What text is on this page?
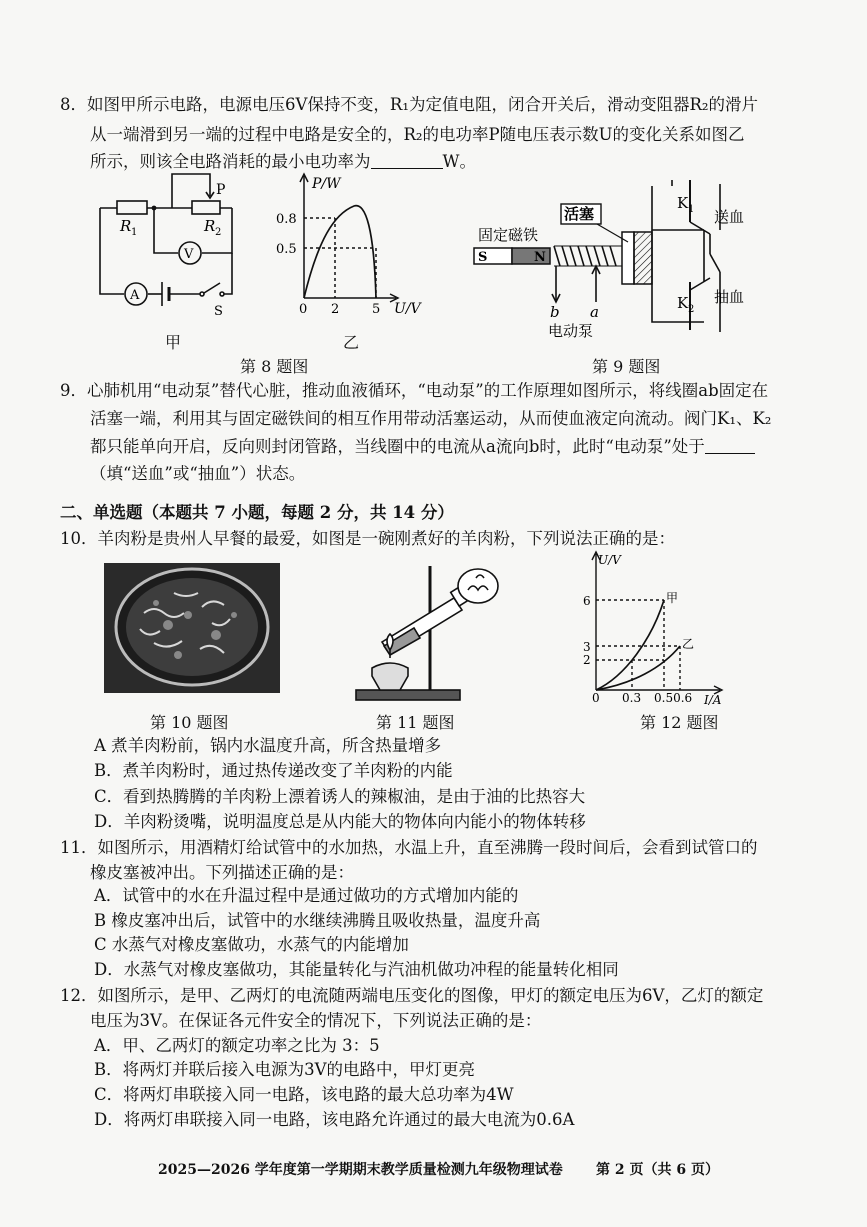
8．如图甲所示电路，电源电压6V保持不变，R₁为定值电阻，闭合开关后，滑动变阻器R₂的滑片
从一端滑到另一端的过程中电路是安全的，R₂的电功率P随电压表示数U的变化关系如图乙
所示，则该全电路消耗的最小电功率为	W。
R 1	R 2
P
V
A
S
甲
P/W
0.8
0.5
0 2	5 U/V
乙
第 8 题图
活塞
固定磁铁
S	N
b a
电动泵
K 1
K 2
送血
抽血
第 9 题图
9．心肺机用“电动泵”替代心脏，推动血液循环，“电动泵”的工作原理如图所示，将线圈ab固定在
活塞一端，利用其与固定磁铁间的相互作用带动活塞运动，从而使血液定向流动。阀门K₁、K₂
都只能单向开启，反向则封闭管路，当线圈中的电流从a流向b时，此时“电动泵”处于
（填“送血”或“抽血”）状态。
二、单选题（本题共 7 小题，每题 2 分，共 14 分）
10．羊肉粉是贵州人早餐的最爱，如图是一碗刚煮好的羊肉粉，下列说法正确的是：
U/V
6
3
2
0 0.3 0.50.6 I/A
甲
乙
第 10 题图	第 11 题图	第 12 题图
A 煮羊肉粉前，锅内水温度升高，所含热量增多
B．煮羊肉粉时，通过热传递改变了羊肉粉的内能
C．看到热腾腾的羊肉粉上漂着诱人的辣椒油，是由于油的比热容大
D．羊肉粉烫嘴，说明温度总是从内能大的物体向内能小的物体转移
11．如图所示，用酒精灯给试管中的水加热，水温上升，直至沸腾一段时间后，会看到试管口的
橡皮塞被冲出。下列描述正确的是：
A．试管中的水在升温过程中是通过做功的方式增加内能的
B 橡皮塞冲出后，试管中的水继续沸腾且吸收热量，温度升高
C 水蒸气对橡皮塞做功，水蒸气的内能增加
D．水蒸气对橡皮塞做功，其能量转化与汽油机做功冲程的能量转化相同
12．如图所示，是甲、乙两灯的电流随两端电压变化的图像，甲灯的额定电压为6V，乙灯的额定
电压为3V。在保证各元件安全的情况下，下列说法正确的是：
A．甲、乙两灯的额定功率之比为 3：5
B．将两灯并联后接入电源为3V的电路中，甲灯更亮
C．将两灯串联接入同一电路，该电路的最大总功率为4W
D．将两灯串联接入同一电路，该电路允许通过的最大电流为0.6A
2025—2026 学年度第一学期期末教学质量检测九年级物理试卷 第 2 页（共 6 页）
